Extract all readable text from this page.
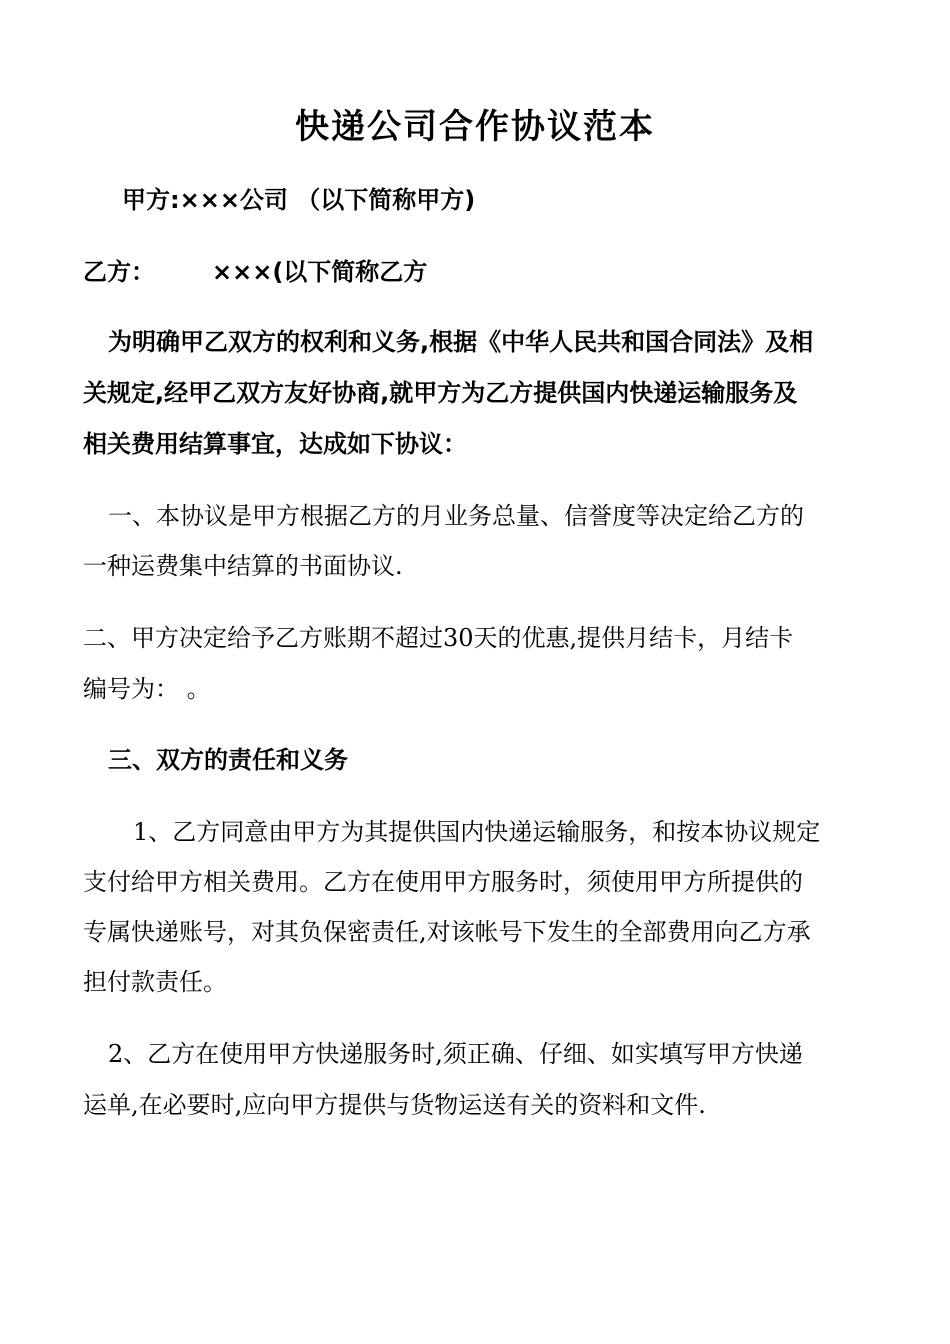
快递公司合作协议范本

甲方:×××公司 （以下简称甲方)

乙方： ×××(以下简称乙方

为明确甲乙双方的权利和义务,根据《中华人民共和国合同法》及相

关规定,经甲乙双方友好协商,就甲方为乙方提供国内快递运输服务及

相关费用结算事宜，达成如下协议：

一、本协议是甲方根据乙方的月业务总量、信誉度等决定给乙方的

一种运费集中结算的书面协议.

二、甲方决定给予乙方账期不超过30天的优惠,提供月结卡，月结卡

编号为： 。

三、双方的责任和义务

1、乙方同意由甲方为其提供国内快递运输服务，和按本协议规定

支付给甲方相关费用。乙方在使用甲方服务时，须使用甲方所提供的

专属快递账号，对其负保密责任,对该帐号下发生的全部费用向乙方承

担付款责任。

2、乙方在使用甲方快递服务时,须正确、仔细、如实填写甲方快递

运单,在必要时,应向甲方提供与货物运送有关的资料和文件.
